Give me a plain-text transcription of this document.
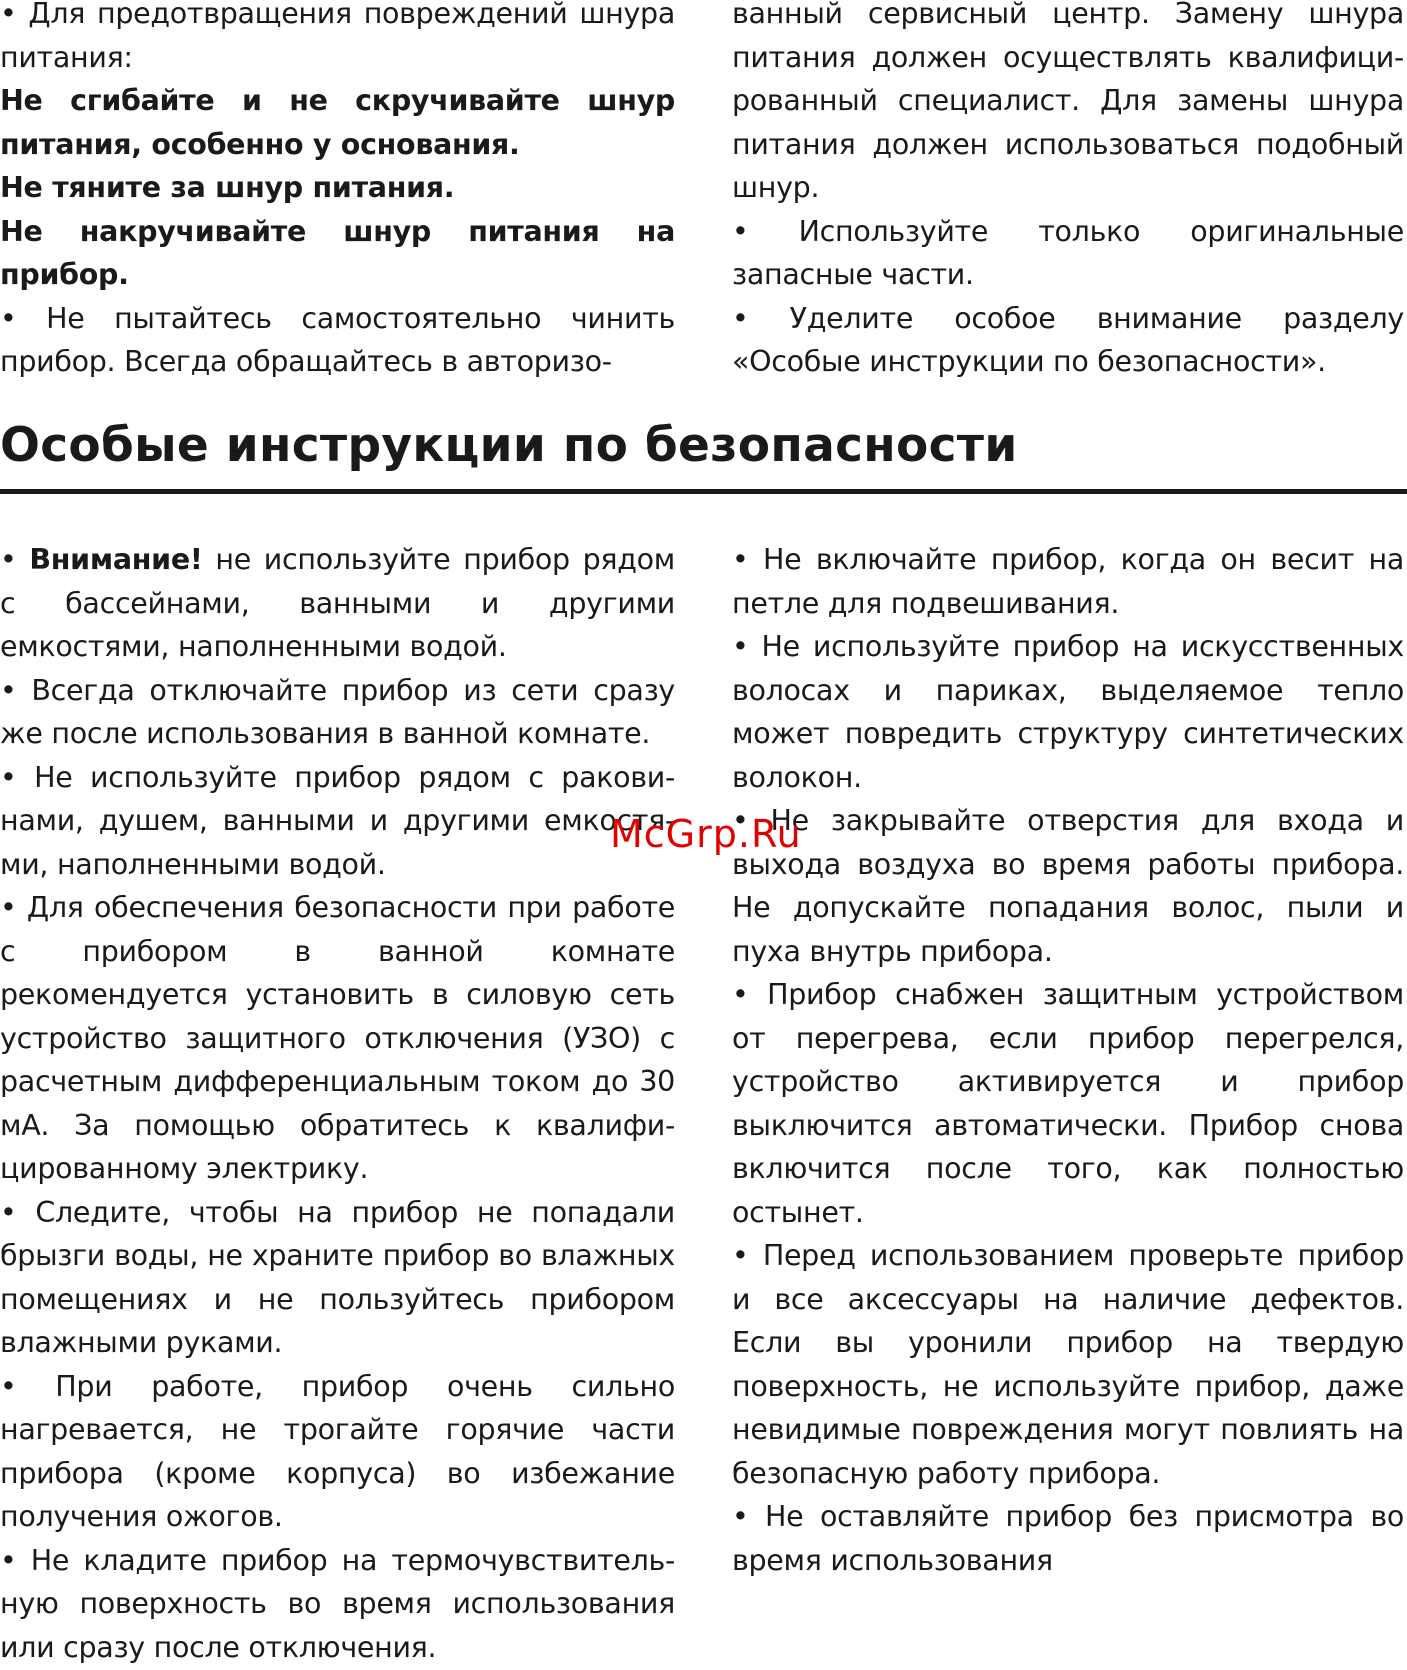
• Для предотвращения повреждений шнура питания:

Не сгибайте и не скручивайте шнур питания, особенно у основания.

Не тяните за шнур питания.

Не накручивайте шнур питания на прибор.

• Не пытайтесь самостоятельно чинить прибор. Всегда обращайтесь в авторизо-

ванный сервисный центр. Замену шнура питания должен осуществлять квалифици-рованный специалист. Для замены шнура питания должен использоваться подобный шнур.

• Используйте только оригинальные запасные части.

• Уделите особое внимание разделу «Особые инструкции по безопасности».

Особые инструкции по безопасности

• Внимание! не используйте прибор рядом с бассейнами, ванными и другими емкостями, наполненными водой.

• Всегда отключайте прибор из сети сразу же после использования в ванной комнате.

• Не используйте прибор рядом с ракови-нами, душем, ванными и другими емкостя-ми, наполненными водой.

• Для обеспечения безопасности при работе с прибором в ванной комнате рекомендуется установить в силовую сеть устройство защитного отключения (УЗО) с расчетным дифференциальным током до 30 мА. За помощью обратитесь к квалифи-цированному электрику.

• Следите, чтобы на прибор не попадали брызги воды, не храните прибор во влажных помещениях и не пользуйтесь прибором влажными руками.

• При работе, прибор очень сильно нагревается, не трогайте горячие части прибора (кроме корпуса) во избежание получения ожогов.

• Не кладите прибор на термочувствитель-ную поверхность во время использования или сразу после отключения.

• Не включайте прибор, когда он весит на петле для подвешивания.

• Не используйте прибор на искусственных волосах и париках, выделяемое тепло может повредить структуру синтетических волокон.

• Не закрывайте отверстия для входа и выхода воздуха во время работы прибора. Не допускайте попадания волос, пыли и пуха внутрь прибора.

• Прибор снабжен защитным устройством от перегрева, если прибор перегрелся, устройство активируется и прибор выключится автоматически. Прибор снова включится после того, как полностью остынет.

• Перед использованием проверьте прибор и все аксессуары на наличие дефектов. Если вы уронили прибор на твердую поверхность, не используйте прибор, даже невидимые повреждения могут повлиять на безопасную работу прибора.

• Не оставляйте прибор без присмотра во время использования

McGrp.Ru
